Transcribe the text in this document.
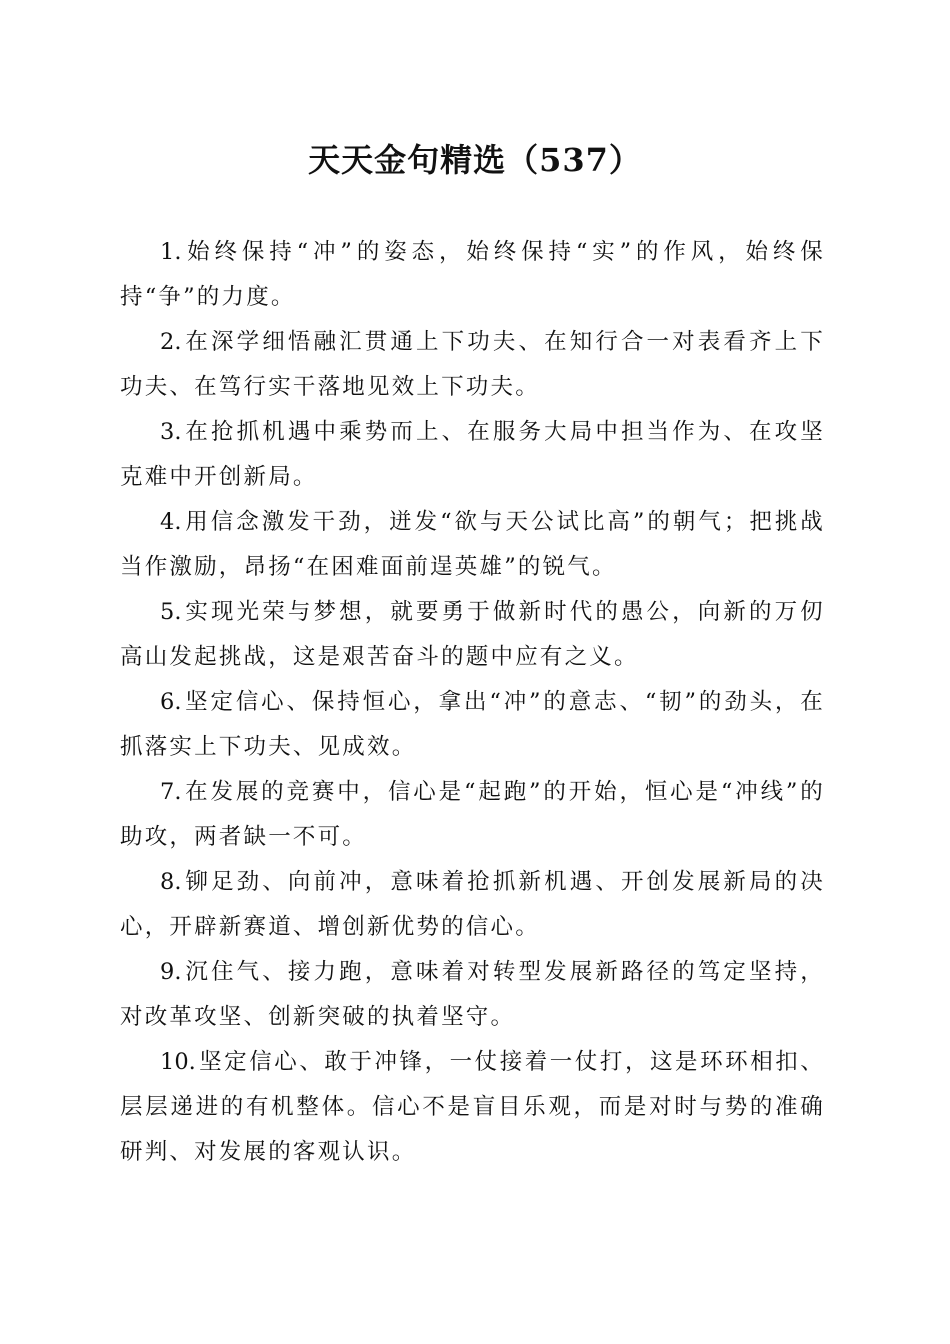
天天金句精选（537）

1. 始终保持“冲”的姿态，始终保持“实”的作风，始终保持“争”的力度。

2. 在深学细悟融汇贯通上下功夫、在知行合一对表看齐上下功夫、在笃行实干落地见效上下功夫。

3. 在抢抓机遇中乘势而上、在服务大局中担当作为、在攻坚克难中开创新局。

4. 用信念激发干劲，迸发“欲与天公试比高”的朝气；把挑战当作激励，昂扬“在困难面前逞英雄”的锐气。

5. 实现光荣与梦想，就要勇于做新时代的愚公，向新的万仞高山发起挑战，这是艰苦奋斗的题中应有之义。

6. 坚定信心、保持恒心，拿出“冲”的意志、“韧”的劲头，在抓落实上下功夫、见成效。

7. 在发展的竞赛中，信心是“起跑”的开始，恒心是“冲线”的助攻，两者缺一不可。

8. 铆足劲、向前冲，意味着抢抓新机遇、开创发展新局的决心，开辟新赛道、增创新优势的信心。

9. 沉住气、接力跑，意味着对转型发展新路径的笃定坚持，对改革攻坚、创新突破的执着坚守。

10. 坚定信心、敢于冲锋，一仗接着一仗打，这是环环相扣、层层递进的有机整体。信心不是盲目乐观，而是对时与势的准确研判、对发展的客观认识。
